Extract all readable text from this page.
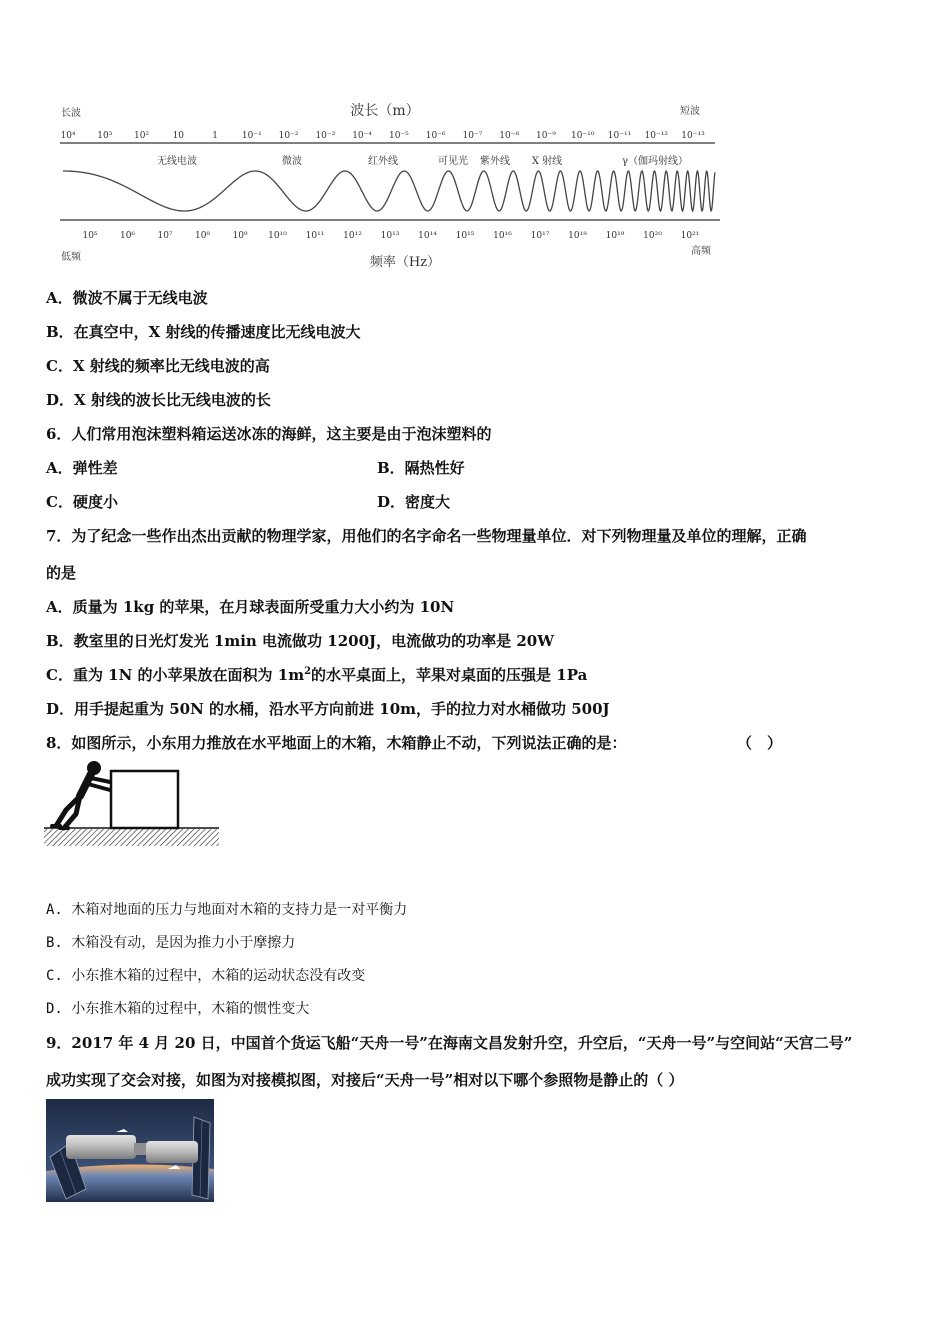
波长（m）
长波	短波
10⁴ 10³ 10²	10	1	10⁻¹ 10⁻² 10⁻³ 10⁻⁴ 10⁻⁵ 10⁻⁶ 10⁻⁷ 10⁻⁸ 10⁻⁹ 10⁻¹⁰ 10⁻¹¹ 10⁻¹² 10⁻¹³
无线电波	微波	红外线	可见光 紫外线 X 射线	γ（伽玛射线）
10⁵ 10⁶ 10⁷ 10⁸ 10⁹ 10¹⁰ 10¹¹ 10¹² 10¹³ 10¹⁴ 10¹⁵ 10¹⁶ 10¹⁷ 10¹⁸ 10¹⁹ 10²⁰ 10²¹
低频	频率（Hz）
高频
A．微波不属于无线电波
B．在真空中，X 射线的传播速度比无线电波大
C．X 射线的频率比无线电波的高
D．X 射线的波长比无线电波的长
6．人们常用泡沫塑料箱运送冰冻的海鲜，这主要是由于泡沫塑料的
A．弹性差	B．隔热性好
C．硬度小	D．密度大
7．为了纪念一些作出杰出贡献的物理学家，用他们的名字命名一些物理量单位．对下列物理量及单位的理解，正确
的是
A．质量为 1kg 的苹果，在月球表面所受重力大小约为 10N
B．教室里的日光灯发光 1min 电流做功 1200J，电流做功的功率是 20W
C．重为 1N 的小苹果放在面积为 $1m^2$的水平桌面上，苹果对桌面的压强是 1Pa
D．用手提起重为 50N 的水桶，沿水平方向前进 10m，手的拉力对水桶做功 500J
8．如图所示，小东用力推放在水平地面上的木箱，木箱静止不动，下列说法正确的是：	（　）
A. 木箱对地面的压力与地面对木箱的支持力是一对平衡力
B. 木箱没有动，是因为推力小于摩擦力
C. 小东推木箱的过程中，木箱的运动状态没有改变
D. 小东推木箱的过程中，木箱的惯性变大
9．2017 年 4 月 20 日，中国首个货运飞船“天舟一号”在海南文昌发射升空，升空后，“天舟一号”与空间站“天宫二号”
成功实现了交会对接，如图为对接模拟图，对接后“天舟一号”相对以下哪个参照物是静止的（ ）
